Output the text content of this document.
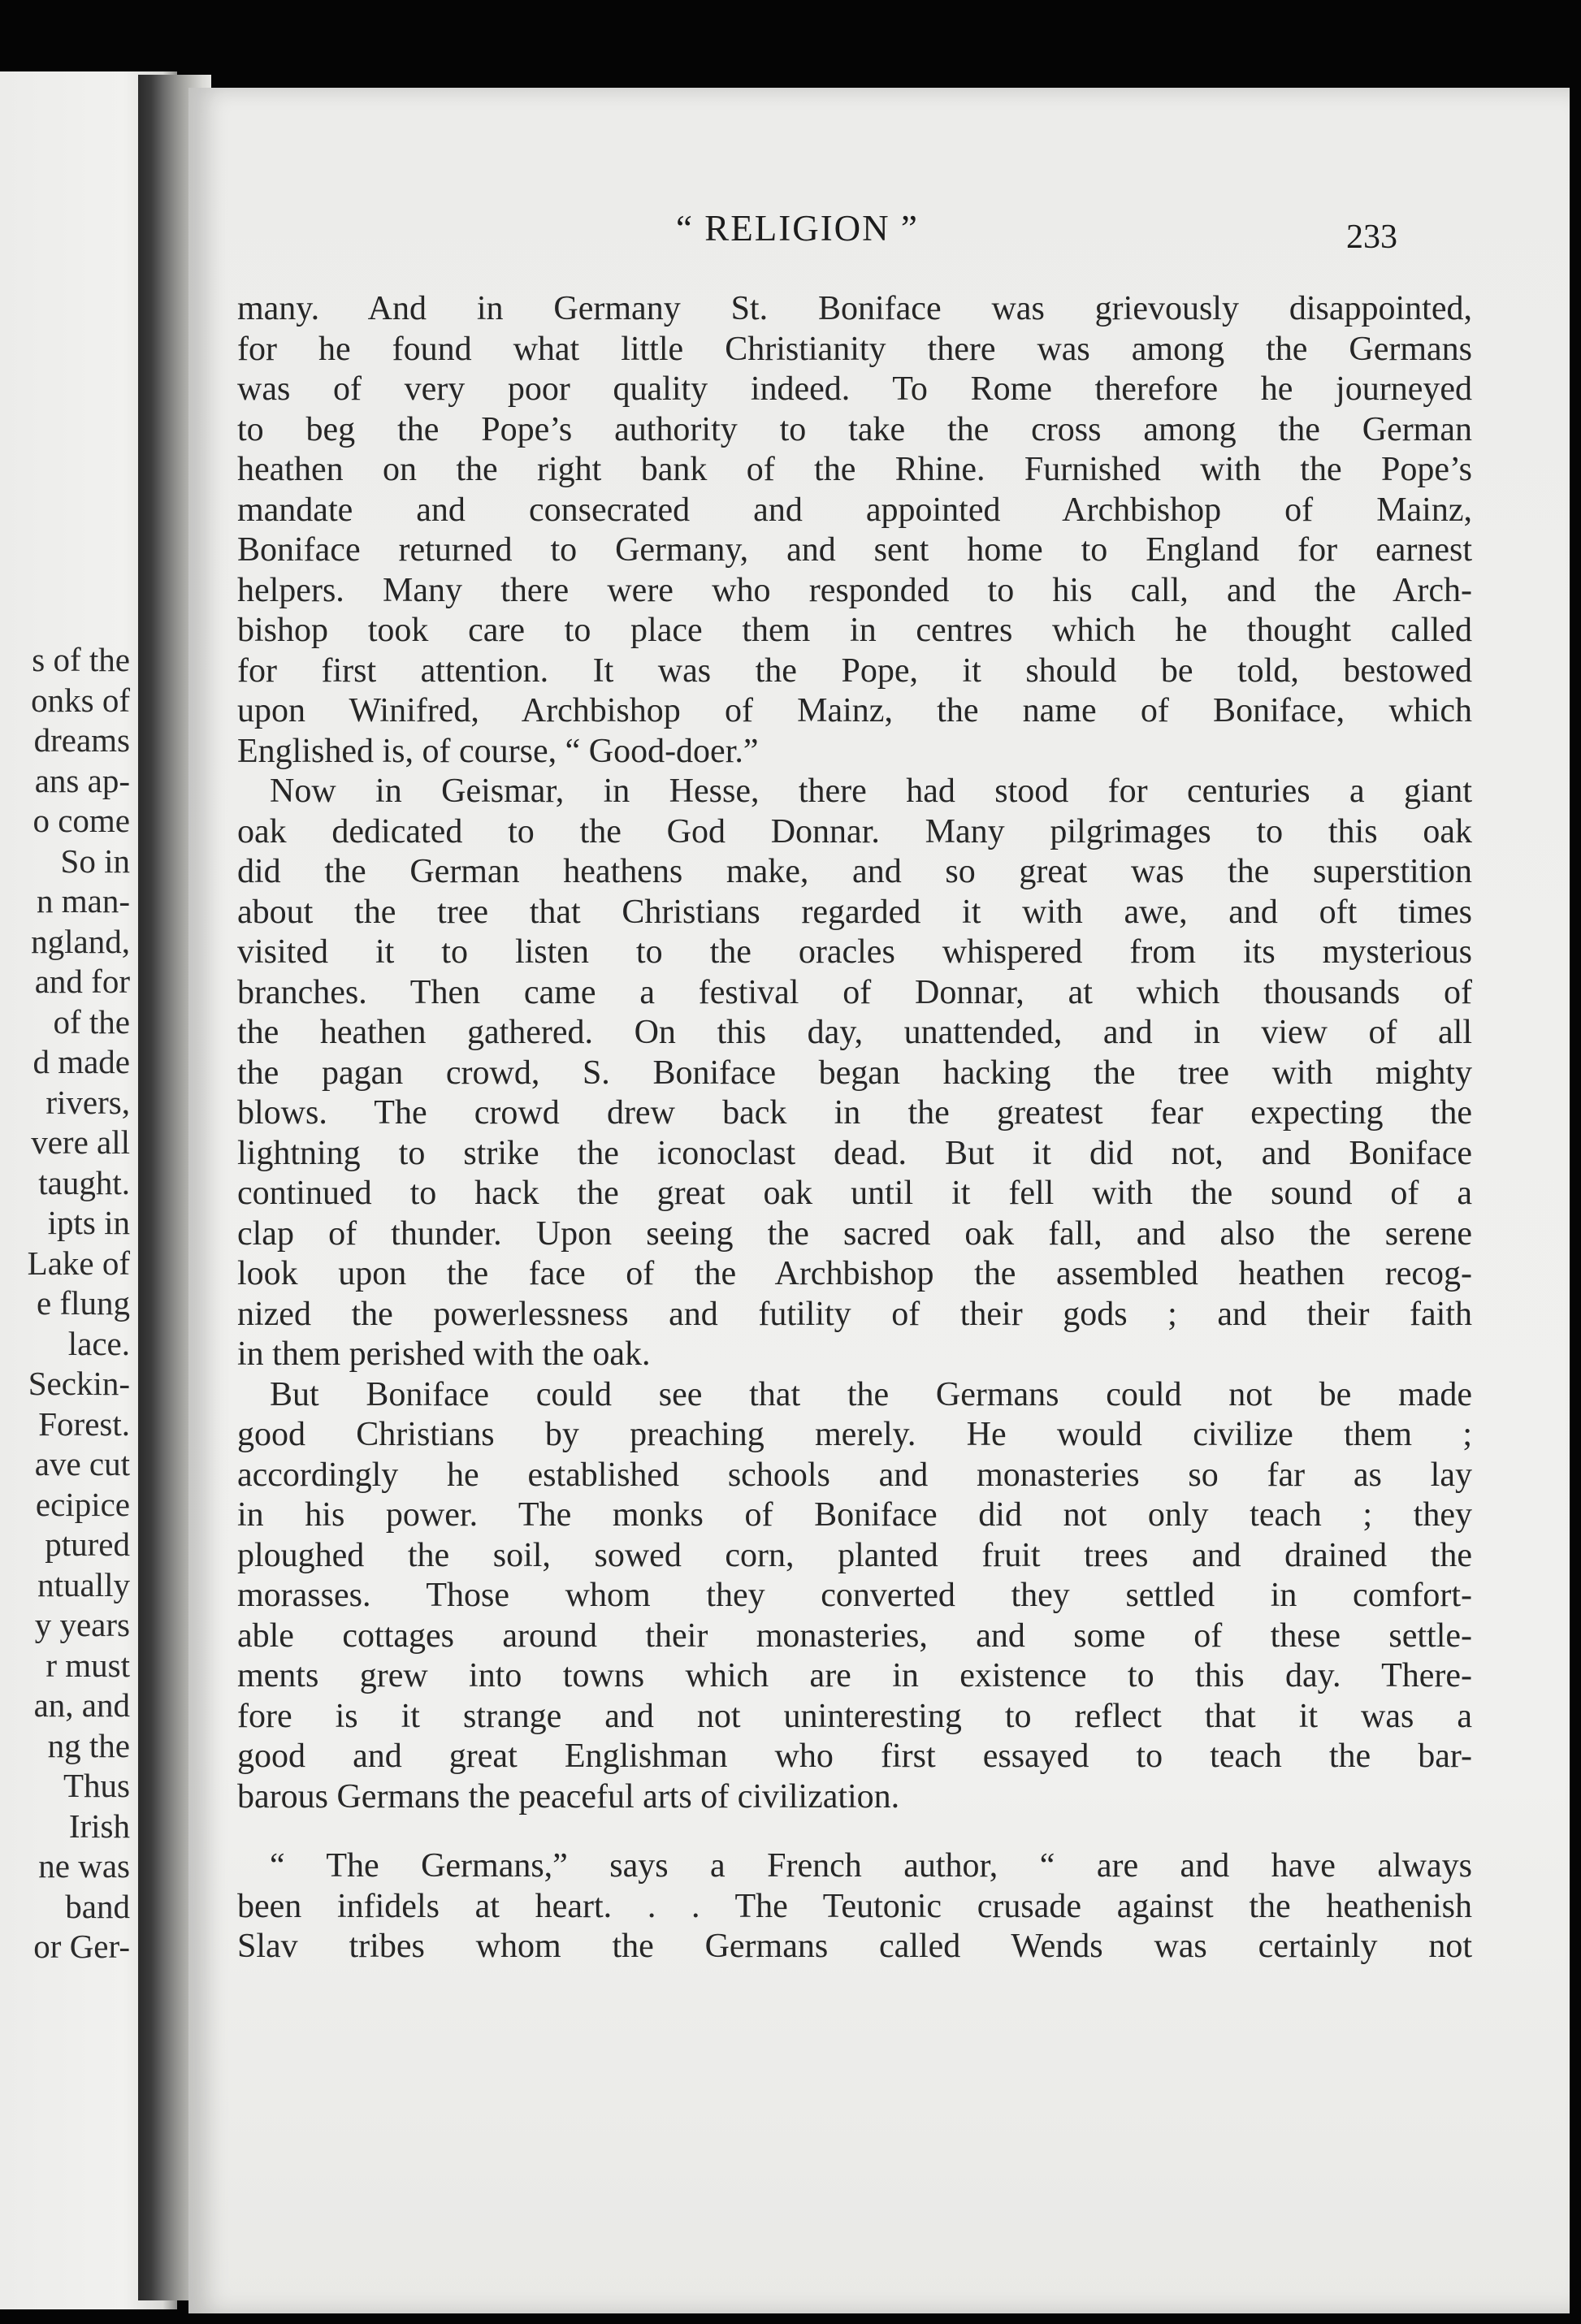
s of the
onks of
dreams
ans ap-
o come
So in
n man-
ngland,
and for
of the
d made
rivers,
vere all
taught.
ipts in
Lake of
e flung
lace.
Seckin-
Forest.
ave cut
ecipice
ptured
ntually
y years
r must
an, and
ng the
Thus
Irish
ne was
band
or Ger-
“ RELIGION ”	233
many. And in Germany St. Boniface was grievously disappointed,
for he found what little Christianity there was among the Germans
was of very poor quality indeed. To Rome therefore he journeyed
to beg the Pope’s authority to take the cross among the German
heathen on the right bank of the Rhine. Furnished with the Pope’s
mandate and consecrated and appointed Archbishop of Mainz,
Boniface returned to Germany, and sent home to England for earnest
helpers. Many there were who responded to his call, and the Arch-
bishop took care to place them in centres which he thought called
for first attention. It was the Pope, it should be told, bestowed
upon Winifred, Archbishop of Mainz, the name of Boniface, which
Englished is, of course, “ Good-doer.”
Now in Geismar, in Hesse, there had stood for centuries a giant
oak dedicated to the God Donnar. Many pilgrimages to this oak
did the German heathens make, and so great was the superstition
about the tree that Christians regarded it with awe, and oft times
visited it to listen to the oracles whispered from its mysterious
branches. Then came a festival of Donnar, at which thousands of
the heathen gathered. On this day, unattended, and in view of all
the pagan crowd, S. Boniface began hacking the tree with mighty
blows. The crowd drew back in the greatest fear expecting the
lightning to strike the iconoclast dead. But it did not, and Boniface
continued to hack the great oak until it fell with the sound of a
clap of thunder. Upon seeing the sacred oak fall, and also the serene
look upon the face of the Archbishop the assembled heathen recog-
nized the powerlessness and futility of their gods ; and their faith
in them perished with the oak.
But Boniface could see that the Germans could not be made
good Christians by preaching merely. He would civilize them ;
accordingly he established schools and monasteries so far as lay
in his power. The monks of Boniface did not only teach ; they
ploughed the soil, sowed corn, planted fruit trees and drained the
morasses. Those whom they converted they settled in comfort-
able cottages around their monasteries, and some of these settle-
ments grew into towns which are in existence to this day. There-
fore is it strange and not uninteresting to reflect that it was a
good and great Englishman who first essayed to teach the bar-
barous Germans the peaceful arts of civilization.
“ The Germans,” says a French author, “ are and have always
been infidels at heart. . . The Teutonic crusade against the heathenish
Slav tribes whom the Germans called Wends was certainly not
